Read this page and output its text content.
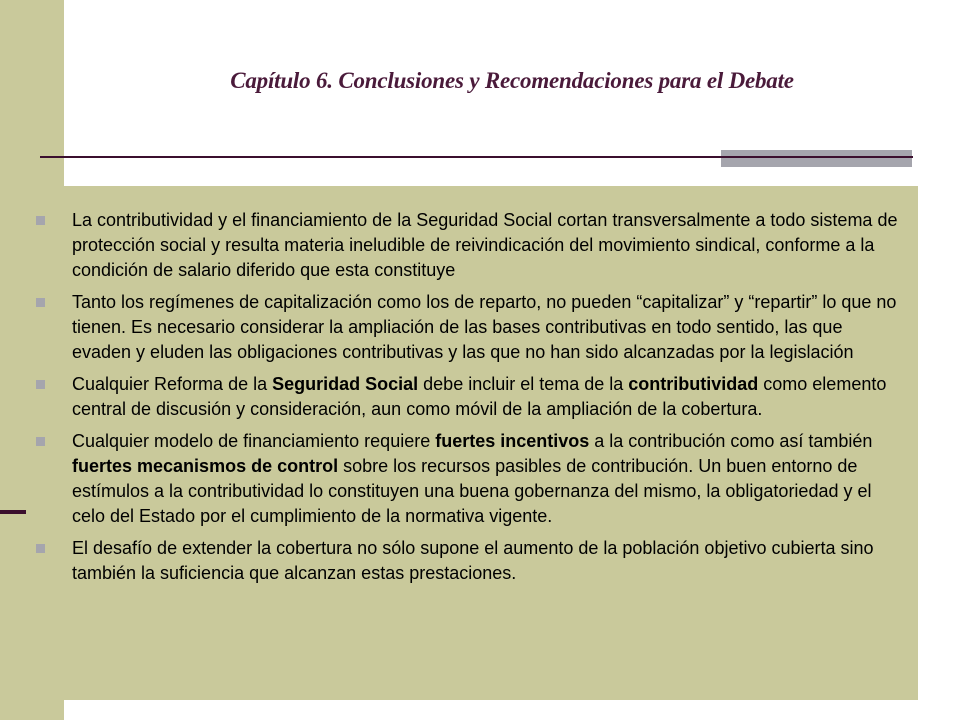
Capítulo 6. Conclusiones y Recomendaciones para el Debate
La contributividad y el financiamiento de la Seguridad Social cortan transversalmente a todo sistema de protección social y resulta materia ineludible de reivindicación del movimiento sindical, conforme a la condición de salario diferido que esta constituye
Tanto los regímenes de capitalización como los de reparto, no pueden “capitalizar” y “repartir” lo que no tienen. Es necesario considerar la ampliación de las bases contributivas en todo sentido, las que evaden y eluden las obligaciones contributivas y las que no han sido alcanzadas por la legislación
Cualquier Reforma de la Seguridad Social debe incluir el tema de la contributividad como elemento central de discusión y consideración, aun como móvil de la ampliación de la cobertura.
Cualquier modelo de financiamiento requiere fuertes incentivos a la contribución como así también fuertes mecanismos de control sobre los recursos pasibles de contribución. Un buen entorno de estímulos a la contributividad lo constituyen una buena gobernanza del mismo, la obligatoriedad y el celo del Estado por el cumplimiento de la normativa vigente.
El desafío de extender la cobertura no sólo supone el aumento de la población objetivo cubierta sino también la suficiencia que alcanzan estas prestaciones.
